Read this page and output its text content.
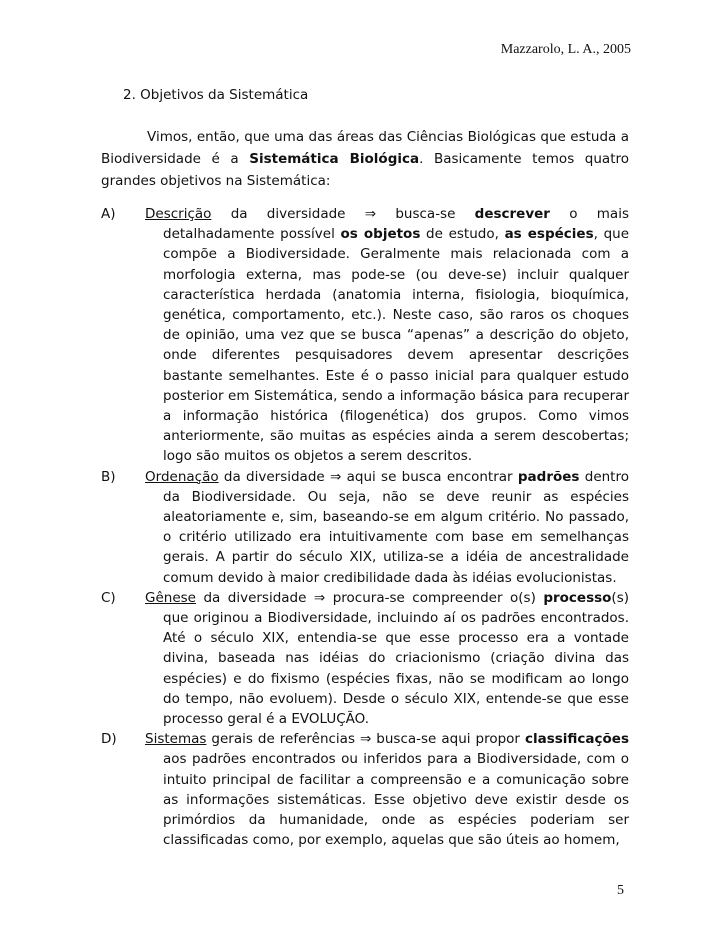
Mazzarolo, L. A., 2005
2. Objetivos da Sistemática

Vimos, então, que uma das áreas das Ciências Biológicas que estuda a Biodiversidade é a Sistemática Biológica. Basicamente temos quatro grandes objetivos na Sistemática:

A) Descrição da diversidade ⇒ busca-se descrever o mais detalhadamente possível os objetos de estudo, as espécies, que compõe a Biodiversidade. Geralmente mais relacionada com a morfologia externa, mas pode-se (ou deve-se) incluir qualquer característica herdada (anatomia interna, fisiologia, bioquímica, genética, comportamento, etc.). Neste caso, são raros os choques de opinião, uma vez que se busca “apenas” a descrição do objeto, onde diferentes pesquisadores devem apresentar descrições bastante semelhantes. Este é o passo inicial para qualquer estudo posterior em Sistemática, sendo a informação básica para recuperar a informação histórica (filogenética) dos grupos. Como vimos anteriormente, são muitas as espécies ainda a serem descobertas; logo são muitos os objetos a serem descritos.

B) Ordenação da diversidade ⇒ aqui se busca encontrar padrões dentro da Biodiversidade. Ou seja, não se deve reunir as espécies aleatoriamente e, sim, baseando-se em algum critério. No passado, o critério utilizado era intuitivamente com base em semelhanças gerais. A partir do século XIX, utiliza-se a idéia de ancestralidade comum devido à maior credibilidade dada às idéias evolucionistas.

C) Gênese da diversidade ⇒ procura-se compreender o(s) processo(s) que originou a Biodiversidade, incluindo aí os padrões encontrados. Até o século XIX, entendia-se que esse processo era a vontade divina, baseada nas idéias do criacionismo (criação divina das espécies) e do fixismo (espécies fixas, não se modificam ao longo do tempo, não evoluem). Desde o século XIX, entende-se que esse processo geral é a EVOLUÇÃO.

D) Sistemas gerais de referências ⇒ busca-se aqui propor classificações aos padrões encontrados ou inferidos para a Biodiversidade, com o intuito principal de facilitar a compreensão e a comunicação sobre as informações sistemáticas. Esse objetivo deve existir desde os primórdios da humanidade, onde as espécies poderiam ser classificadas como, por exemplo, aquelas que são úteis ao homem,

5
